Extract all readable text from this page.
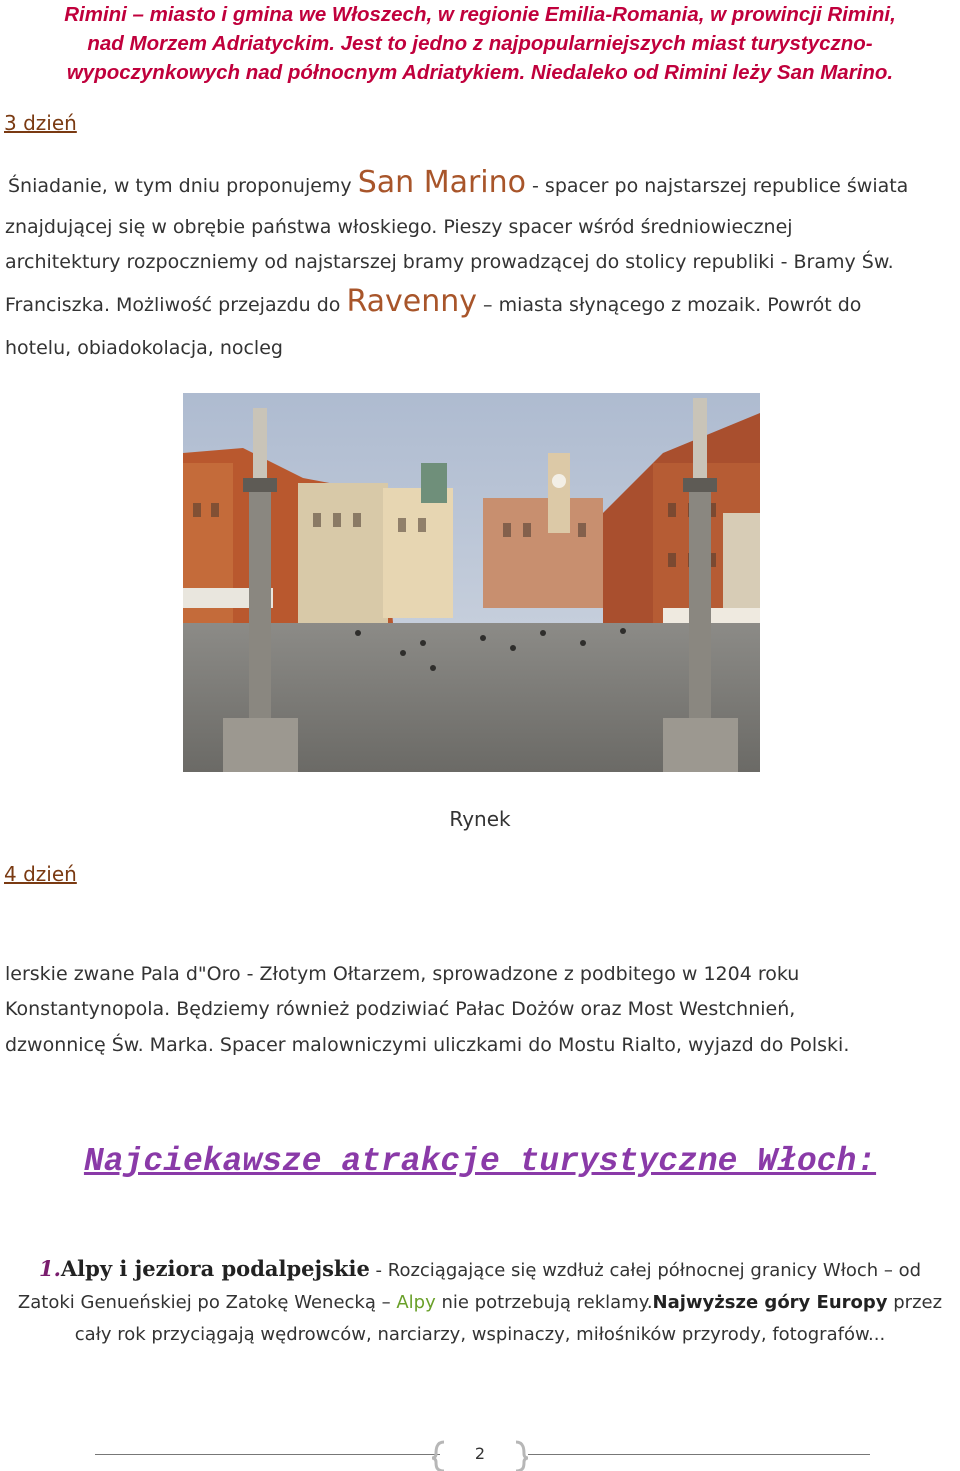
Rimini – miasto i gmina we Włoszech, w regionie Emilia-Romania, w prowincji Rimini,
nad Morzem Adriatyckim. Jest to jedno z najpopularniejszych miast turystyczno-
wypoczynkowych nad północnym Adriatykiem. Niedaleko od Rimini leży San Marino.
3 dzień
Śniadanie, w tym dniu proponujemy San Marino - spacer po najstarszej republice świata
znajdującej się w obrębie państwa włoskiego. Pieszy spacer wśród średniowiecznej
architektury rozpoczniemy od najstarszej bramy prowadzącej do stolicy republiki - Bramy Św.
Franciszka. Możliwość przejazdu do Ravenny – miasta słynącego z mozaik. Powrót do
hotelu, obiadokolacja, nocleg
Rynek
4 dzień
lerskie zwane Pala d"Oro - Złotym Ołtarzem, sprowadzone z podbitego w 1204 roku
Konstantynopola. Będziemy również podziwiać Pałac Dożów oraz Most Westchnień,
dzwonnicę Św. Marka. Spacer malowniczymi uliczkami do Mostu Rialto, wyjazd do Polski.
Najciekawsze atrakcje turystyczne Włoch:
1.Alpy i jeziora podalpejskie - Rozciągające się wzdłuż całej północnej granicy Włoch – od
Zatoki Genueńskiej po Zatokę Wenecką – Alpy nie potrzebują reklamy.Najwyższe góry Europy przez
cały rok przyciągają wędrowców, narciarzy, wspinaczy, miłośników przyrody, fotografów...
2
